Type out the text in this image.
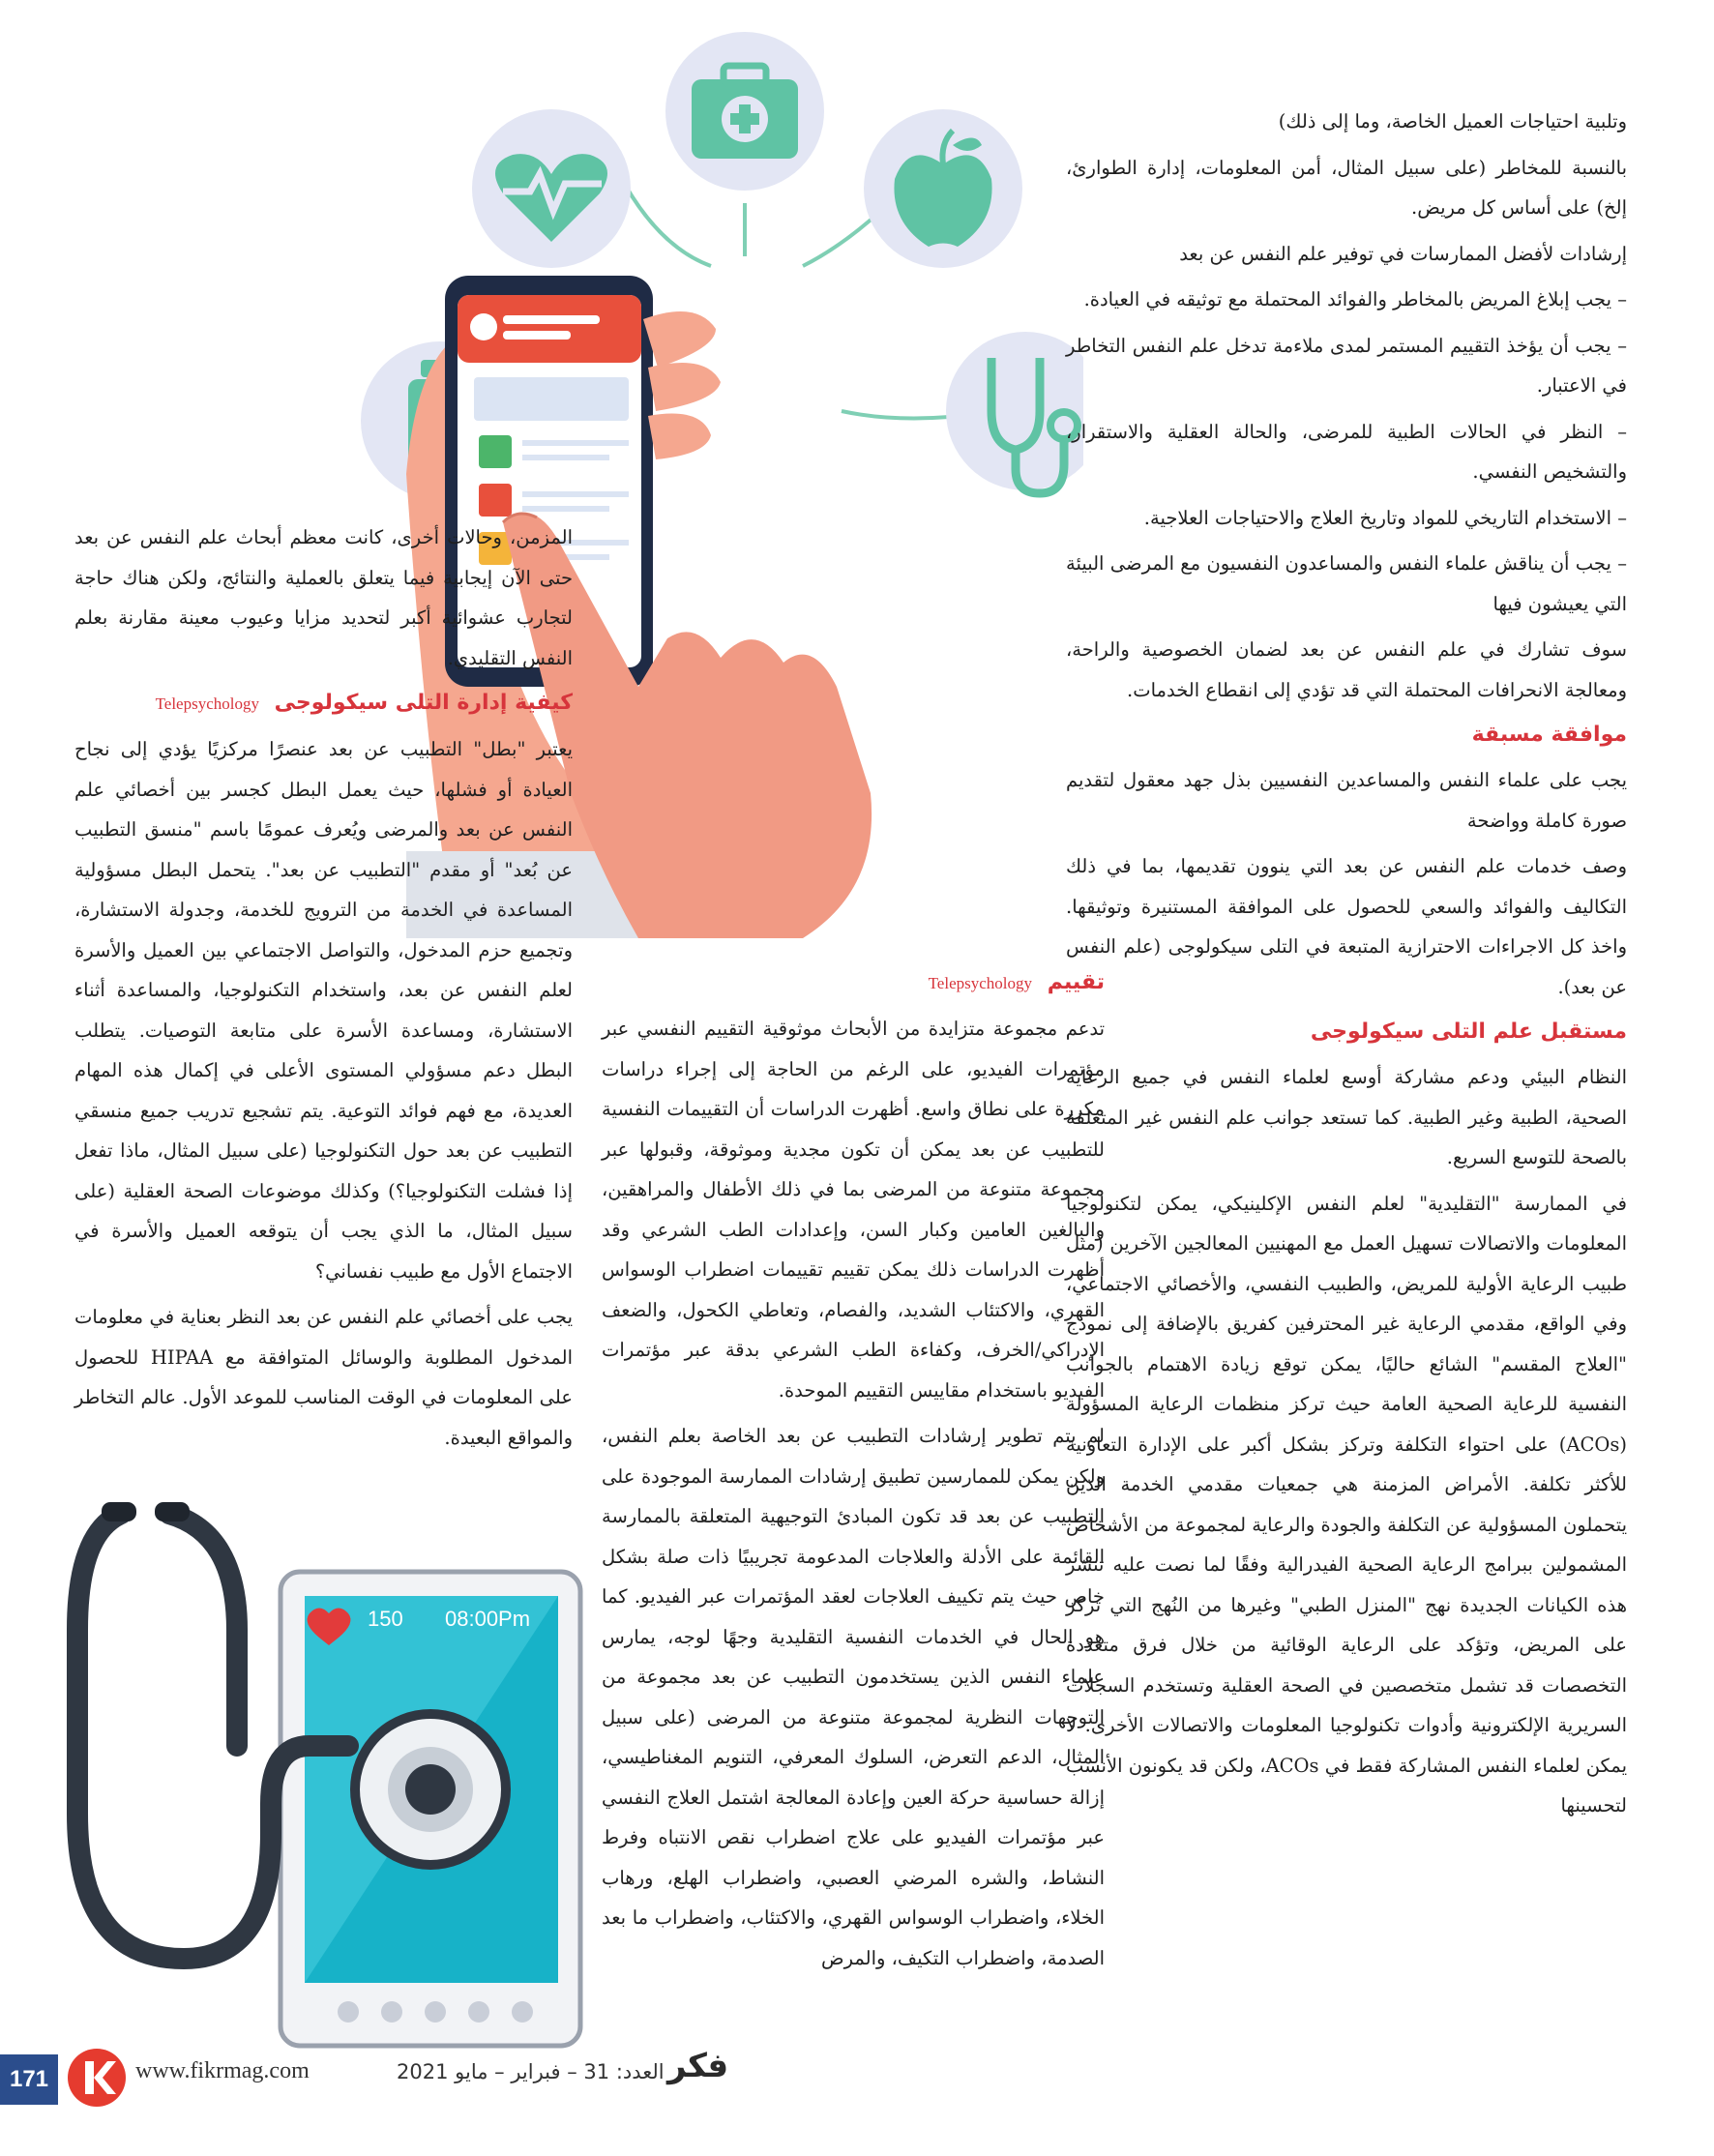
150 08:00Pm

وتلبية احتياجات العميل الخاصة، وما إلى ذلك)

بالنسبة للمخاطر (على سبيل المثال، أمن المعلومات، إدارة الطوارئ، إلخ) على أساس كل مريض.

إرشادات لأفضل الممارسات في توفير علم النفس عن بعد

– يجب إبلاغ المريض بالمخاطر والفوائد المحتملة مع توثيقه في العيادة.

– يجب أن يؤخذ التقييم المستمر لمدى ملاءمة تدخل علم النفس التخاطر في الاعتبار.

– النظر في الحالات الطبية للمرضى، والحالة العقلية والاستقرار، والتشخيص النفسي.

– الاستخدام التاريخي للمواد وتاريخ العلاج والاحتياجات العلاجية.

– يجب أن يناقش علماء النفس والمساعدون النفسيون مع المرضى البيئة التي يعيشون فيها

سوف تشارك في علم النفس عن بعد لضمان الخصوصية والراحة، ومعالجة الانحرافات المحتملة التي قد تؤدي إلى انقطاع الخدمات.

موافقة مسبقة

يجب على علماء النفس والمساعدين النفسيين بذل جهد معقول لتقديم صورة كاملة وواضحة

وصف خدمات علم النفس عن بعد التي ينوون تقديمها، بما في ذلك التكاليف والفوائد والسعي للحصول على الموافقة المستنيرة وتوثيقها. واخذ كل الاجراءات الاحترازية المتبعة في التلى سيكولوجى (علم النفس عن بعد).

مستقبل علم التلى سيكولوجى

النظام البيئي ودعم مشاركة أوسع لعلماء النفس في جميع الرعاية الصحية، الطبية وغير الطبية. كما تستعد جوانب علم النفس غير المتعلقة بالصحة للتوسع السريع.

في الممارسة "التقليدية" لعلم النفس الإكلينيكي، يمكن لتكنولوجيا المعلومات والاتصالات تسهيل العمل مع المهنيين المعالجين الآخرين (مثل طبيب الرعاية الأولية للمريض، والطبيب النفسي، والأخصائي الاجتماعي، وفي الواقع، مقدمي الرعاية غير المحترفين كفريق بالإضافة إلى نموذج "العلاج المقسم" الشائع حاليًا، يمكن توقع زيادة الاهتمام بالجوانب النفسية للرعاية الصحية العامة حيث تركز منظمات الرعاية المسؤولة (ACOs) على احتواء التكلفة وتركز بشكل أكبر على الإدارة التعاونية للأكثر تكلفة. الأمراض المزمنة هي جمعيات مقدمي الخدمة الذين يتحملون المسؤولية عن التكلفة والجودة والرعاية لمجموعة من الأشخاص المشمولين ببرامج الرعاية الصحية الفيدرالية وفقًا لما نصت عليه تنشر هذه الكيانات الجديدة نهج "المنزل الطبي" وغيرها من النُهج التي تركز على المريض، وتؤكد على الرعاية الوقائية من خلال فرق متعددة التخصصات قد تشمل متخصصين في الصحة العقلية وتستخدم السجلات السريرية الإلكترونية وأدوات تكنولوجيا المعلومات والاتصالات الأخرى. لا يمكن لعلماء النفس المشاركة فقط في ACOs، ولكن قد يكونون الأنسب لتحسينها

تقييم Telepsychology

تدعم مجموعة متزايدة من الأبحاث موثوقية التقييم النفسي عبر مؤتمرات الفيديو، على الرغم من الحاجة إلى إجراء دراسات مكررة على نطاق واسع. أظهرت الدراسات أن التقييمات النفسية للتطبيب عن بعد يمكن أن تكون مجدية وموثوقة، وقبولها عبر مجموعة متنوعة من المرضى بما في ذلك الأطفال والمراهقين، والبالغين العامين وكبار السن، وإعدادات الطب الشرعي وقد أظهرت الدراسات ذلك يمكن تقييم تقييمات اضطراب الوسواس القهري، والاكتئاب الشديد، والفصام، وتعاطي الكحول، والضعف الإدراكي/الخرف، وكفاءة الطب الشرعي بدقة عبر مؤتمرات الفيديو باستخدام مقاييس التقييم الموحدة.

لم يتم تطوير إرشادات التطبيب عن بعد الخاصة بعلم النفس، ولكن يمكن للممارسين تطبيق إرشادات الممارسة الموجودة على التطبيب عن بعد قد تكون المبادئ التوجيهية المتعلقة بالممارسة القائمة على الأدلة والعلاجات المدعومة تجريبيًا ذات صلة بشكل خاص حيث يتم تكييف العلاجات لعقد المؤتمرات عبر الفيديو. كما هو الحال في الخدمات النفسية التقليدية وجهًا لوجه، يمارس علماء النفس الذين يستخدمون التطبيب عن بعد مجموعة من التوجهات النظرية لمجموعة متنوعة من المرضى (على سبيل المثال، الدعم التعرض، السلوك المعرفي، التنويم المغناطيسي، إزالة حساسية حركة العين وإعادة المعالجة اشتمل العلاج النفسي عبر مؤتمرات الفيديو على علاج اضطراب نقص الانتباه وفرط النشاط، والشره المرضي العصبي، واضطراب الهلع، ورهاب الخلاء، واضطراب الوسواس القهري، والاكتئاب، واضطراب ما بعد الصدمة، واضطراب التكيف، والمرض

المزمن، وحالات أخرى، كانت معظم أبحاث علم النفس عن بعد حتى الآن إيجابية فيما يتعلق بالعملية والنتائج، ولكن هناك حاجة لتجارب عشوائية أكبر لتحديد مزايا وعيوب معينة مقارنة بعلم النفس التقليدي.

كيفية إدارة التلى سيكولوجى Telepsychology

يعتبر "بطل" التطبيب عن بعد عنصرًا مركزيًا يؤدي إلى نجاح العيادة أو فشلها، حيث يعمل البطل كجسر بين أخصائي علم النفس عن بعد والمرضى ويُعرف عمومًا باسم "منسق التطبيب عن بُعد" أو مقدم "التطبيب عن بعد". يتحمل البطل مسؤولية المساعدة في الخدمة من الترويج للخدمة، وجدولة الاستشارة، وتجميع حزم المدخول، والتواصل الاجتماعي بين العميل والأسرة لعلم النفس عن بعد، واستخدام التكنولوجيا، والمساعدة أثناء الاستشارة، ومساعدة الأسرة على متابعة التوصيات. يتطلب البطل دعم مسؤولي المستوى الأعلى في إكمال هذه المهام العديدة، مع فهم فوائد التوعية. يتم تشجيع تدريب جميع منسقي التطبيب عن بعد حول التكنولوجيا (على سبيل المثال، ماذا تفعل إذا فشلت التكنولوجيا؟) وكذلك موضوعات الصحة العقلية (على سبيل المثال، ما الذي يجب أن يتوقعه العميل والأسرة في الاجتماع الأول مع طبيب نفساني؟

يجب على أخصائي علم النفس عن بعد النظر بعناية في معلومات المدخول المطلوبة والوسائل المتوافقة مع HIPAA للحصول على المعلومات في الوقت المناسب للموعد الأول. عالم التخاطر والمواقع البعيدة.

171	www.fikrmag.com	العدد: 31 – فبراير – مايو 2021 فكر
